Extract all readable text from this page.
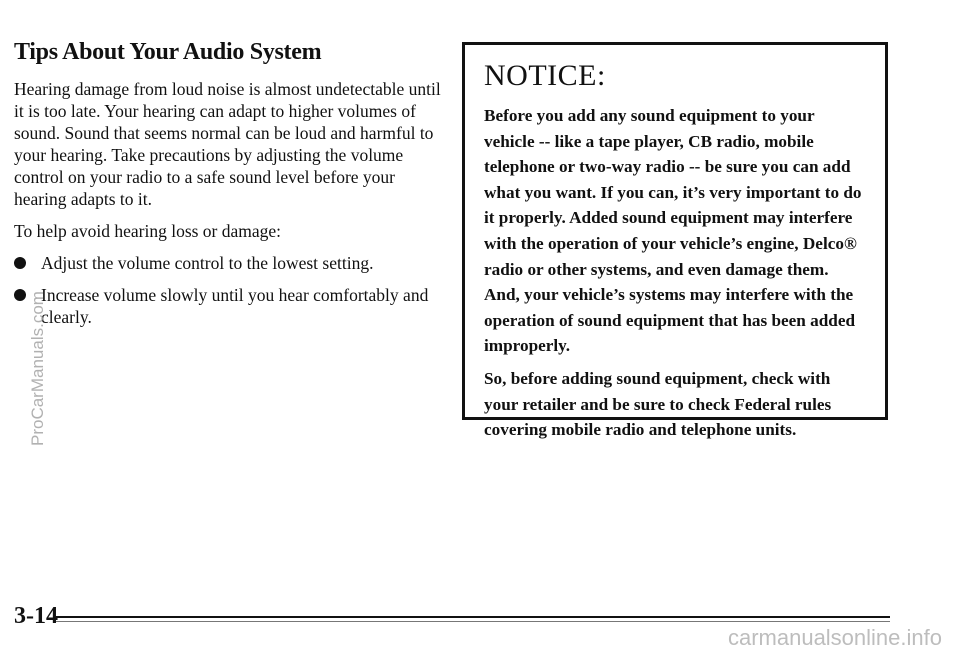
Tips About Your Audio System

Hearing damage from loud noise is almost undetectable until it is too late. Your hearing can adapt to higher volumes of sound. Sound that seems normal can be loud and harmful to your hearing. Take precautions by adjusting the volume control on your radio to a safe sound level before your hearing adapts to it.

To help avoid hearing loss or damage:

Adjust the volume control to the lowest setting.
Increase volume slowly until you hear comfortably and clearly.
NOTICE:

Before you add any sound equipment to your vehicle -- like a tape player, CB radio, mobile telephone or two-way radio -- be sure you can add what you want. If you can, it’s very important to do it properly. Added sound equipment may interfere with the operation of your vehicle’s engine, Delco® radio or other systems, and even damage them. And, your vehicle’s systems may interfere with the operation of sound equipment that has been added improperly.

So, before adding sound equipment, check with your retailer and be sure to check Federal rules covering mobile radio and telephone units.

ProCarManuals.com
3-14
carmanualsonline.info
